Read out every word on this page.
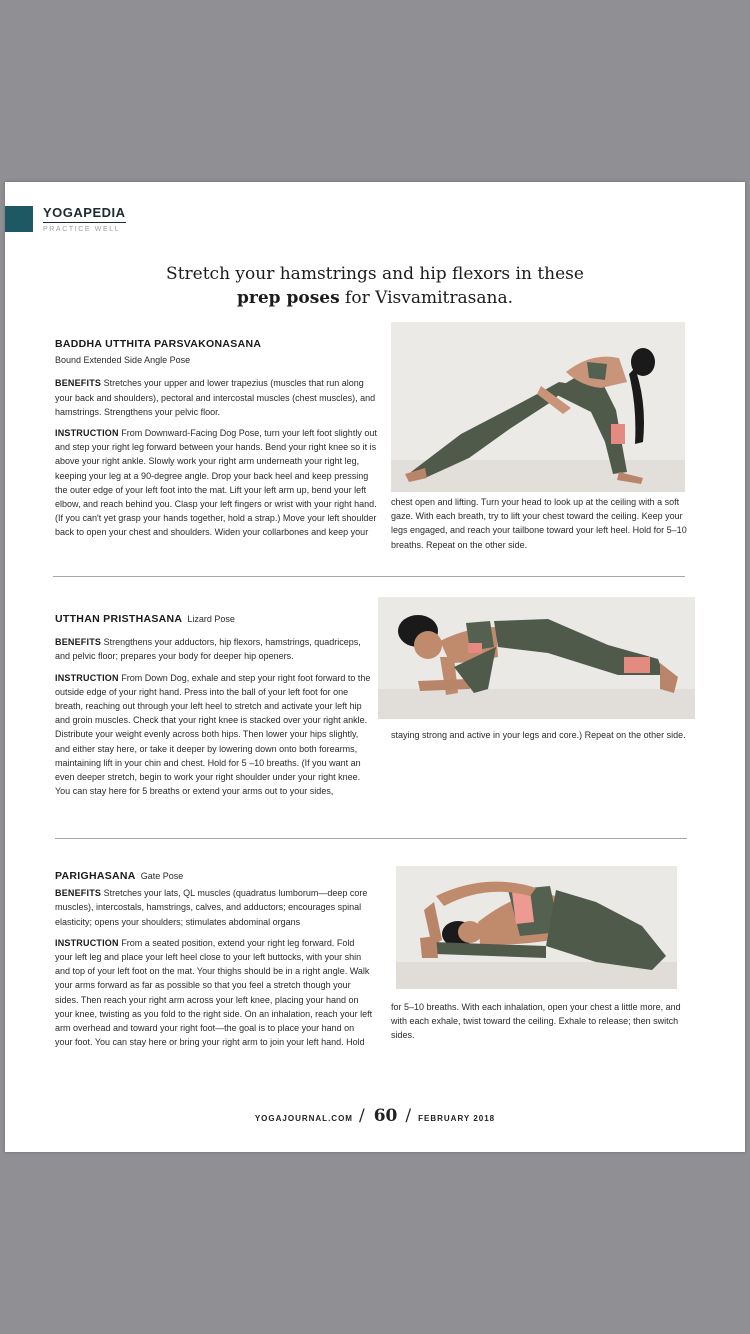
YOGAPEDIA
PRACTICE WELL
Stretch your hamstrings and hip flexors in these
prep poses for Visvamitrasana.
BADDHA UTTHITA PARSVAKONASANA
Bound Extended Side Angle Pose

BENEFITS Stretches your upper and lower trapezius (muscles that run along your back and shoulders), pectoral and intercostal muscles (chest muscles), and hamstrings. Strengthens your pelvic floor.

INSTRUCTION From Downward-Facing Dog Pose, turn your left foot slightly out and step your right leg forward between your hands. Bend your right knee so it is above your right ankle. Slowly work your right arm underneath your right leg, keeping your leg at a 90-degree angle. Drop your back heel and keep pressing the outer edge of your left foot into the mat. Lift your left arm up, bend your left elbow, and reach behind you. Clasp your left fingers or wrist with your right hand. (If you can't yet grasp your hands together, hold a strap.) Move your left shoulder back to open your chest and shoulders. Widen your collarbones and keep your

chest open and lifting. Turn your head to look up at the ceiling with a soft gaze. With each breath, try to lift your chest toward the ceiling. Keep your legs engaged, and reach your tailbone toward your left heel. Hold for 5–10 breaths. Repeat on the other side.
UTTHAN PRISTHASANA Lizard Pose

BENEFITS Strengthens your adductors, hip flexors, hamstrings, quadriceps, and pelvic floor; prepares your body for deeper hip openers.

INSTRUCTION From Down Dog, exhale and step your right foot forward to the outside edge of your right hand. Press into the ball of your left foot for one breath, reaching out through your left heel to stretch and activate your left hip and groin muscles. Check that your right knee is stacked over your right ankle. Distribute your weight evenly across both hips. Then lower your hips slightly, and either stay here, or take it deeper by lowering down onto both forearms, maintaining lift in your chin and chest. Hold for 5 –10 breaths. (If you want an even deeper stretch, begin to work your right shoulder under your right knee. You can stay here for 5 breaths or extend your arms out to your sides,

staying strong and active in your legs and core.) Repeat on the other side.
PARIGHASANA Gate Pose

BENEFITS Stretches your lats, QL muscles (quadratus lumborum—deep core muscles), intercostals, hamstrings, calves, and adductors; encourages spinal elasticity; opens your shoulders; stimulates abdominal organs

INSTRUCTION From a seated position, extend your right leg forward. Fold your left leg and place your left heel close to your left buttocks, with your shin and top of your left foot on the mat. Your thighs should be in a right angle. Walk your arms forward as far as possible so that you feel a stretch though your sides. Then reach your right arm across your left knee, placing your hand on your knee, twisting as you fold to the right side. On an inhalation, reach your left arm overhead and toward your right foot—the goal is to place your hand on your foot. You can stay here or bring your right arm to join your left hand. Hold

for 5–10 breaths. With each inhalation, open your chest a little more, and with each exhale, twist toward the ceiling. Exhale to release; then switch sides.
YOGAJOURNAL.COM / 60 / FEBRUARY 2018
